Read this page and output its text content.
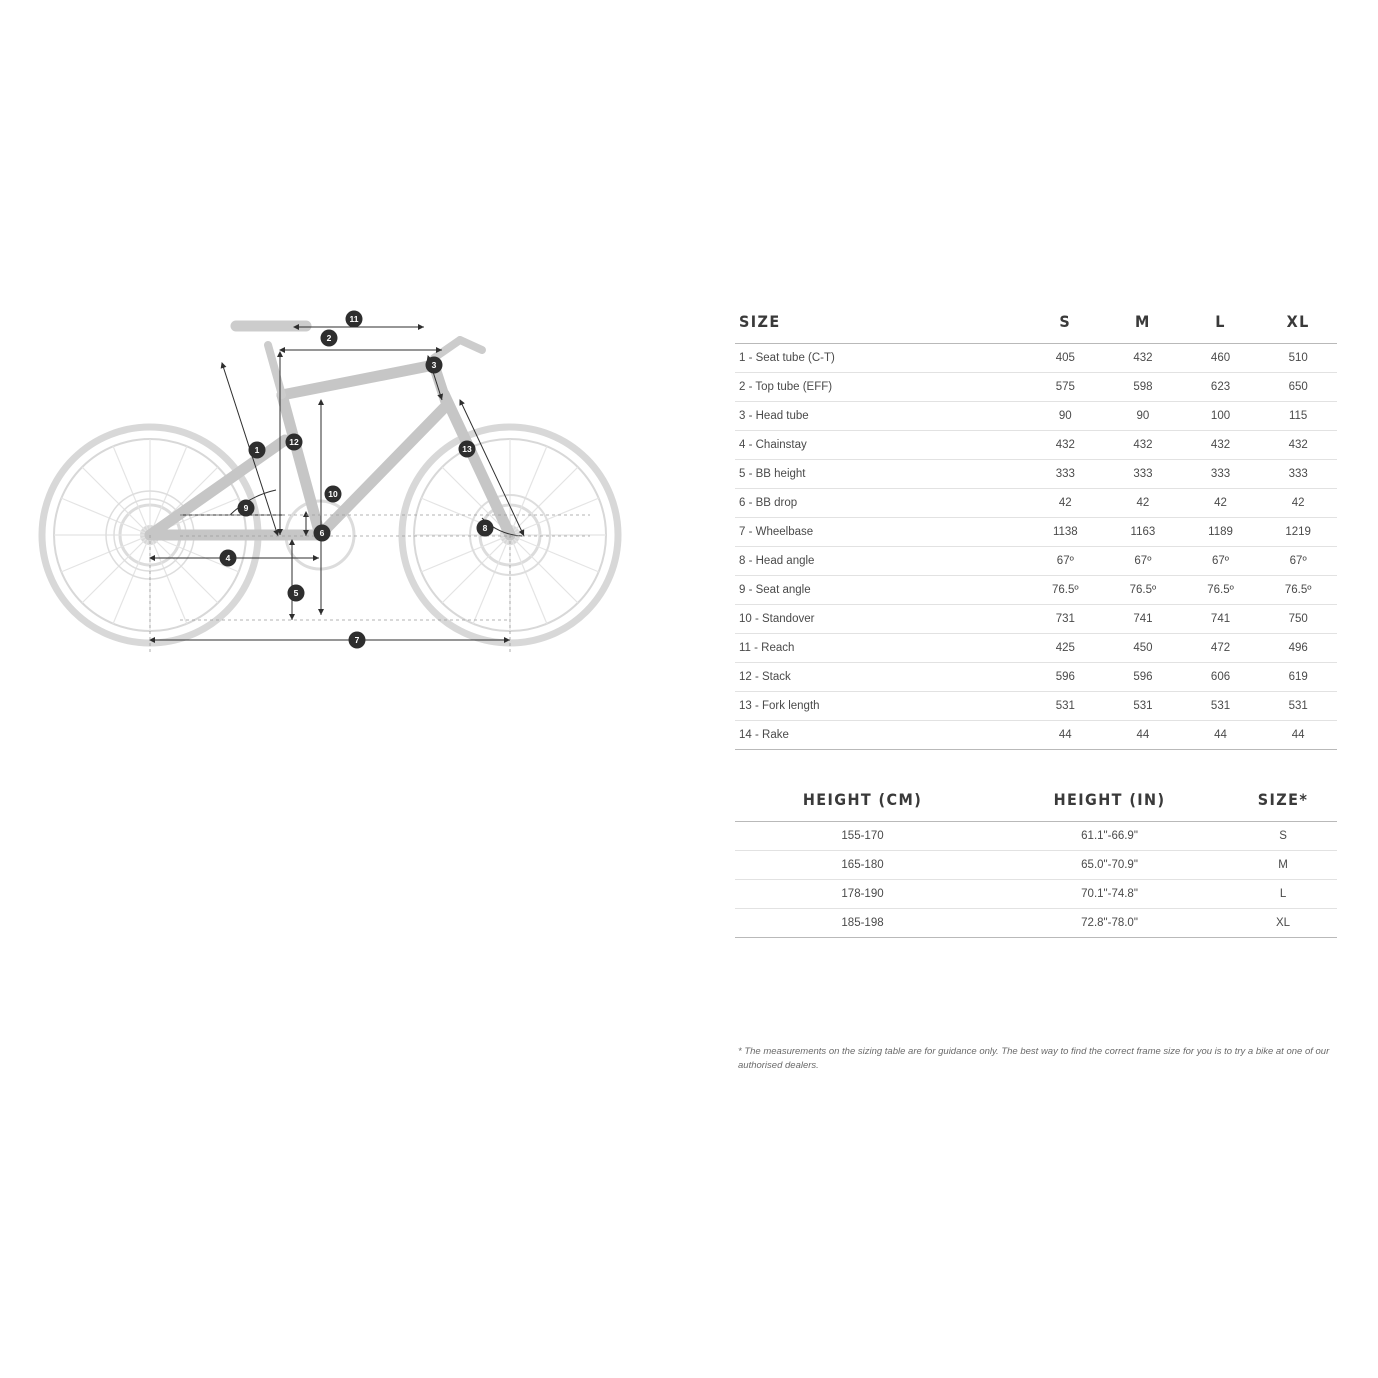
11
2
3
1
12
10
13
9
6	8
4
5
7
SIZE	S	M	L	XL
1 - Seat tube (C-T)	405	432	460	510
2 - Top tube (EFF)	575	598	623	650
3 - Head tube	90	90	100	115
4 - Chainstay	432	432	432	432
5 - BB height	333	333	333	333
6 - BB drop	42	42	42	42
7 - Wheelbase	1138	1163	1189	1219
8 - Head angle	67º	67º	67º	67º
9 - Seat angle	76.5º	76.5º	76.5º	76.5º
10 - Standover	731	741	741	750
11 - Reach	425	450	472	496
12 - Stack	596	596	606	619
13 - Fork length	531	531	531	531
14 - Rake	44	44	44	44
HEIGHT (CM)	HEIGHT (IN)	SIZE*
155-170	61.1"-66.9"	S
165-180	65.0"-70.9"	M
178-190	70.1"-74.8"	L
185-198	72.8"-78.0"	XL
* The measurements on the sizing table are for guidance only. The best way to find the correct frame size for you is to try a bike at one of our authorised dealers.
